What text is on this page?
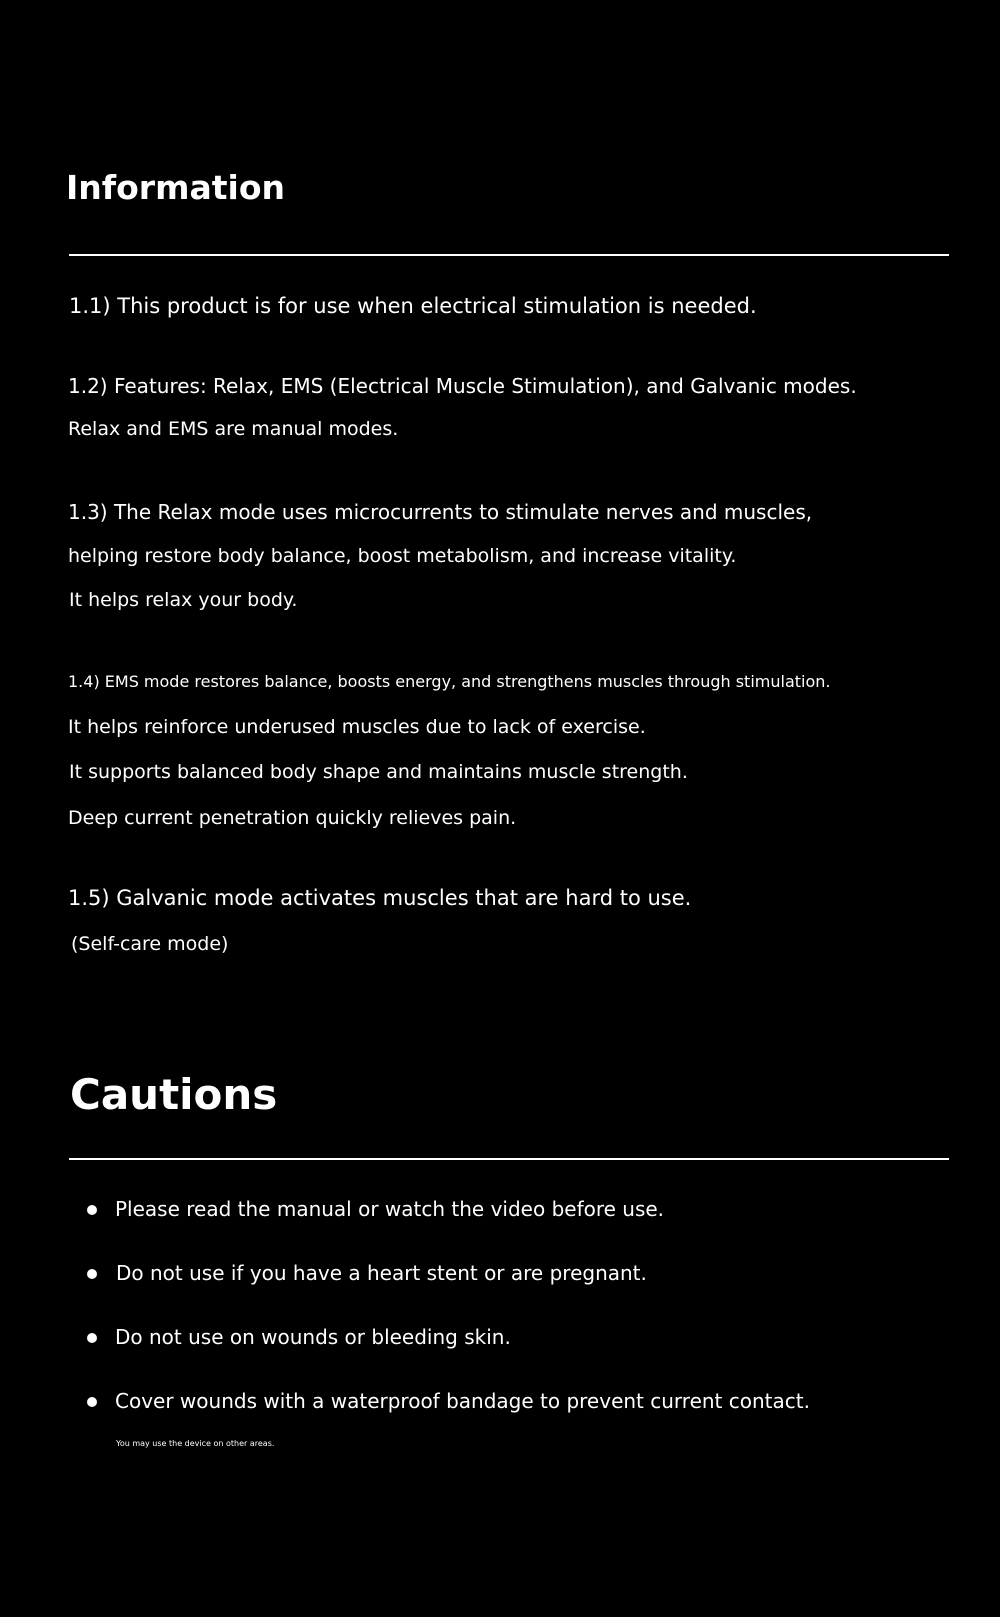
Information

1.1) This product is for use when electrical stimulation is needed.

1.2) Features: Relax, EMS (Electrical Muscle Stimulation), and Galvanic modes.

Relax and EMS are manual modes.

1.3) The Relax mode uses microcurrents to stimulate nerves and muscles,

helping restore body balance, boost metabolism, and increase vitality.

It helps relax your body.

1.4) EMS mode restores balance, boosts energy, and strengthens muscles through stimulation.

It helps reinforce underused muscles due to lack of exercise.

It supports balanced body shape and maintains muscle strength.

Deep current penetration quickly relieves pain.

1.5) Galvanic mode activates muscles that are hard to use.

(Self-care mode)

Cautions

Please read the manual or watch the video before use.

Do not use if you have a heart stent or are pregnant.

Do not use on wounds or bleeding skin.

Cover wounds with a waterproof bandage to prevent current contact.

You may use the device on other areas.
